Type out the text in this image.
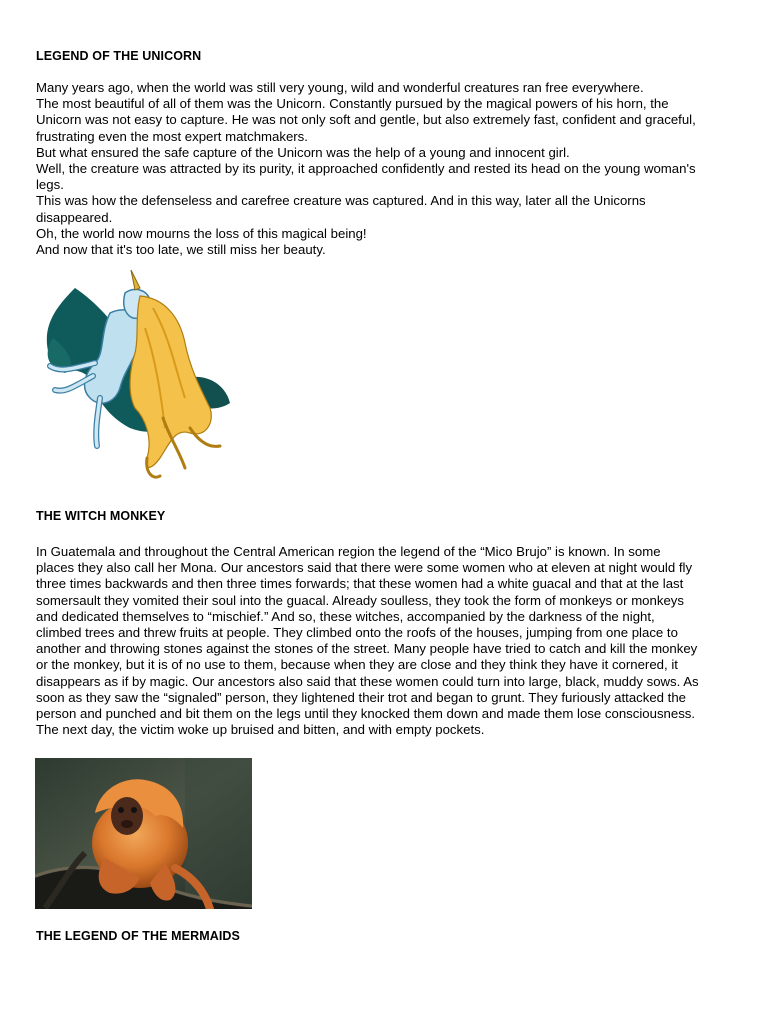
LEGEND OF THE UNICORN
Many years ago, when the world was still very young, wild and wonderful creatures ran free everywhere.
The most beautiful of all of them was the Unicorn. Constantly pursued by the magical powers of his horn, the
Unicorn was not easy to capture. He was not only soft and gentle, but also extremely fast, confident and graceful,
frustrating even the most expert matchmakers.
But what ensured the safe capture of the Unicorn was the help of a young and innocent girl.
Well, the creature was attracted by its purity, it approached confidently and rested its head on the young woman's
legs.
This was how the defenseless and carefree creature was captured. And in this way, later all the Unicorns
disappeared.
Oh, the world now mourns the loss of this magical being!
And now that it's too late, we still miss her beauty.
THE WITCH MONKEY
In Guatemala and throughout the Central American region the legend of the “Mico Brujo” is known. In some
places they also call her Mona. Our ancestors said that there were some women who at eleven at night would fly
three times backwards and then three times forwards; that these women had a white guacal and that at the last
somersault they vomited their soul into the guacal. Already soulless, they took the form of monkeys or monkeys
and dedicated themselves to “mischief.” And so, these witches, accompanied by the darkness of the night,
climbed trees and threw fruits at people. They climbed onto the roofs of the houses, jumping from one place to
another and throwing stones against the stones of the street. Many people have tried to catch and kill the monkey
or the monkey, but it is of no use to them, because when they are close and they think they have it cornered, it
disappears as if by magic. Our ancestors also said that these women could turn into large, black, muddy sows. As
soon as they saw the “signaled” person, they lightened their trot and began to grunt. They furiously attacked the
person and punched and bit them on the legs until they knocked them down and made them lose consciousness.
The next day, the victim woke up bruised and bitten, and with empty pockets.
THE LEGEND OF THE MERMAIDS
